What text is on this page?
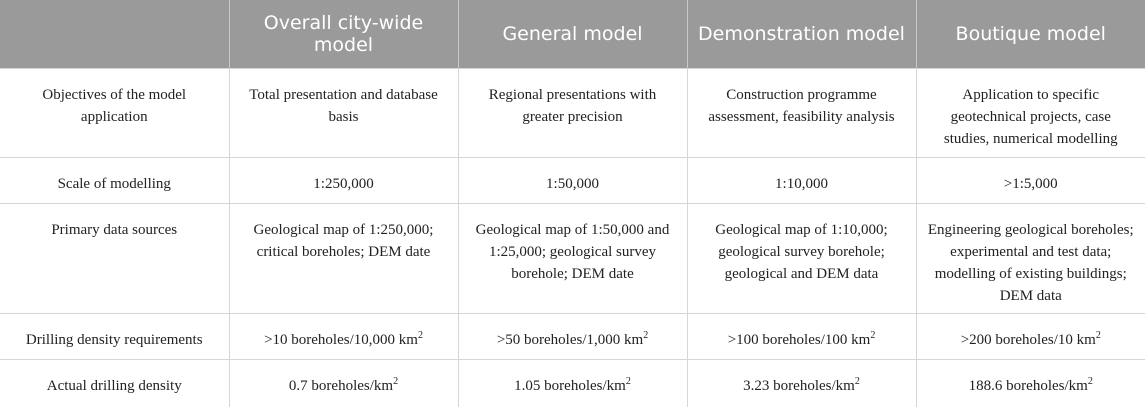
	Overall city-wide model	General model	Demonstration model	Boutique model
Objectives of the model application	Total presentation and database basis	Regional presentations with greater precision	Construction programme assessment, feasibility analysis	Application to specific geotechnical projects, case studies, numerical modelling
Scale of modelling	1:250,000	1:50,000	1:10,000	>1:5,000
Primary data sources	Geological map of 1:250,000; critical boreholes; DEM date	Geological map of 1:50,000 and 1:25,000; geological survey borehole; DEM date	Geological map of 1:10,000; geological survey borehole; geological and DEM data	Engineering geological boreholes; experimental and test data; modelling of existing buildings; DEM data
Drilling density requirements	>10 boreholes/10,000 $km^2$	>50 boreholes/1,000 $km^2$	>100 boreholes/100 $km^2$	>200 boreholes/10 $km^2$
Actual drilling density	0.7 boreholes/$km^2$	1.05 boreholes/$km^2$	3.23 boreholes/$km^2$	188.6 boreholes/$km^2$
